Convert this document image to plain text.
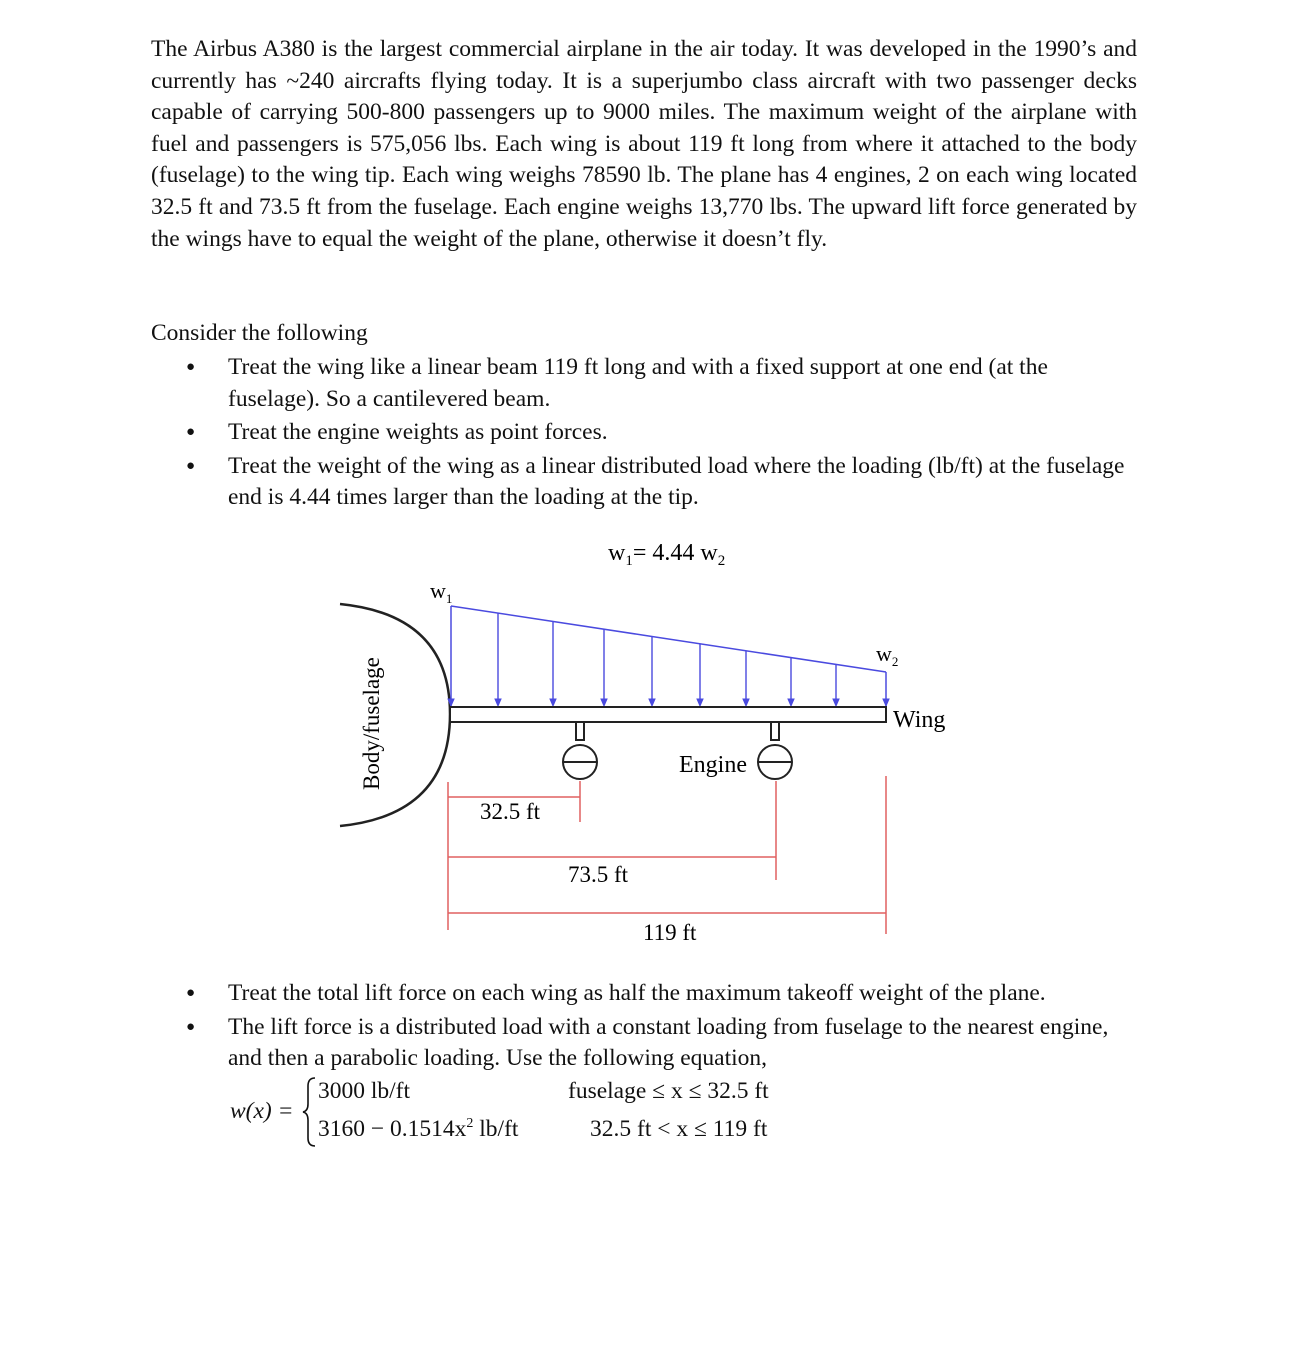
The Airbus A380 is the largest commercial airplane in the air today. It was developed in the 1990’s and currently has ~240 aircrafts flying today. It is a superjumbo class aircraft with two passenger decks capable of carrying 500-800 passengers up to 9000 miles. The maximum weight of the airplane with fuel and passengers is 575,056 lbs. Each wing is about 119 ft long from where it attached to the body (fuselage) to the wing tip. Each wing weighs 78590 lb. The plane has 4 engines, 2 on each wing located 32.5 ft and 73.5 ft from the fuselage. Each engine weighs 13,770 lbs. The upward lift force generated by the wings have to equal the weight of the plane, otherwise it doesn’t fly.

Consider the following

● Treat the wing like a linear beam 119 ft long and with a fixed support at one end (at the fuselage). So a cantilevered beam.
● Treat the engine weights as point forces.
● Treat the weight of the wing as a linear distributed load where the loading (lb/ft) at the fuselage end is 4.44 times larger than the loading at the tip.
$w_1= 4.44$ $w_2$
$w_1$
$w_2$
Body/fuselage	Wing
Engine
32.5 ft
73.5 ft
119 ft
● Treat the total lift force on each wing as half the maximum takeoff weight of the plane.
● The lift force is a distributed load with a constant loading from fuselage to the nearest engine, and then a parabolic loading. Use the following equation,
w(x) =
3000 lb/ft	fuselage ≤ x ≤ 32.5 ft
$3160 - 0.1514x^2$ lb/ft	32.5 ft < x ≤ 119 ft
